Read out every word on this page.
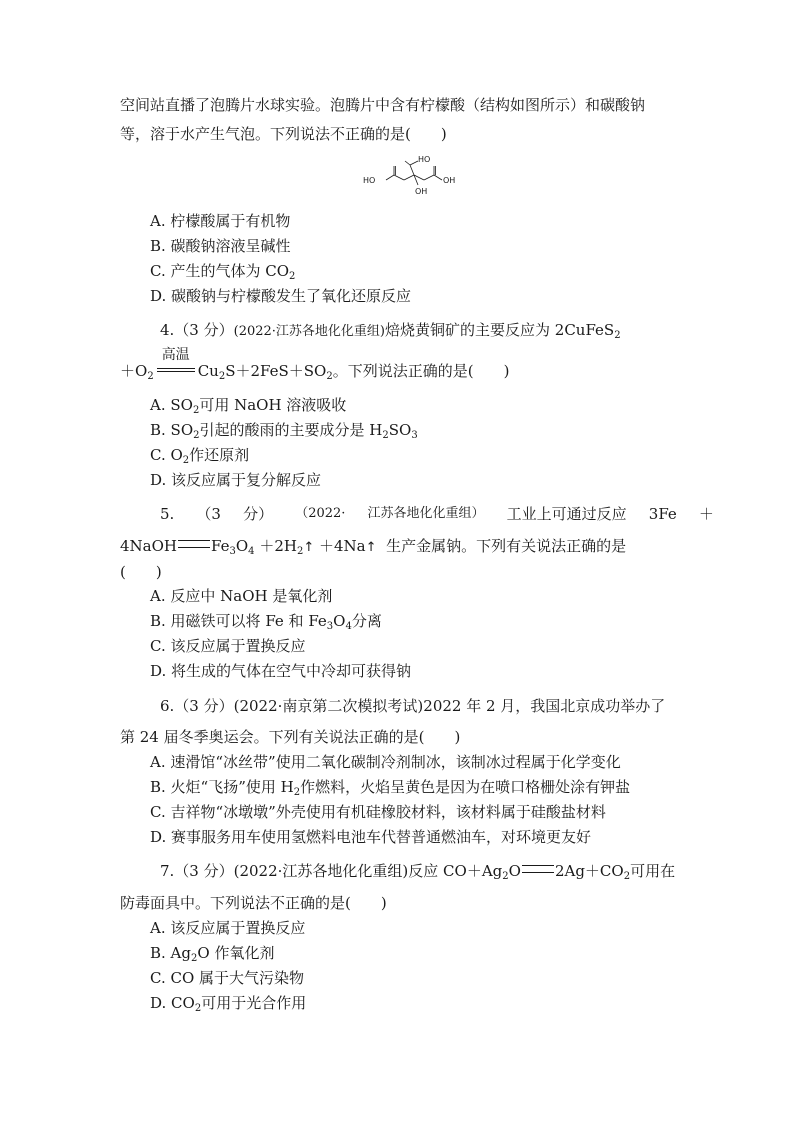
空间站直播了泡腾片水球实验。泡腾片中含有柠檬酸（结构如图所示）和碳酸钠
等，溶于水产生气泡。下列说法不正确的是(　　)
HO	OH
OH
HO
A. 柠檬酸属于有机物
B. 碳酸钠溶液呈碱性
C. 产生的气体为 $CO_2$
D. 碳酸钠与柠檬酸发生了氧化还原反应
4.（3 分）(2022·江苏各地化化重组)焙烧黄铜矿的主要反应为 2CuFeS$_2$
$+O_2$
高温
$Cu_2S+2FeS+SO_2$。下列说法正确的是(　　)
A. $SO_2$可用 NaOH 溶液吸收
B. $SO_2$引起的酸雨的主要成分是 $H_2SO_3$
C. $O_2$作还原剂
D. 该反应属于复分解反应
5. （3 分） （2022· 江苏各地化化重组） 工业上可通过反应 3Fe ＋
4NaOH $Fe_3O_4$ $+2H_2↑$ ＋4Na↑ 生产金属钠。下列有关说法正确的是
(　　)
A. 反应中 NaOH 是氧化剂
B. 用磁铁可以将 Fe 和 $Fe_3O_4$分离
C. 该反应属于置换反应
D. 将生成的气体在空气中冷却可获得钠
6.（3 分）(2022·南京第二次模拟考试)2022 年 2 月，我国北京成功举办了
第 24 届冬季奥运会。下列有关说法正确的是(　　)
A. 速滑馆“冰丝带”使用二氧化碳制冷剂制冰，该制冰过程属于化学变化
B. 火炬“飞扬”使用 $H_2$作燃料，火焰呈黄色是因为在喷口格栅处涂有钾盐
C. 吉祥物“冰墩墩”外壳使用有机硅橡胶材料，该材料属于硅酸盐材料
D. 赛事服务用车使用氢燃料电池车代替普通燃油车，对环境更友好
7.（3 分）(2022·江苏各地化化重组)反应 $CO+Ag_2O$ $2Ag+CO_2$可用在
防毒面具中。下列说法不正确的是(　　)
A. 该反应属于置换反应
B. $Ag_2O$ 作氧化剂
C. CO 属于大气污染物
D. $CO_2$可用于光合作用
